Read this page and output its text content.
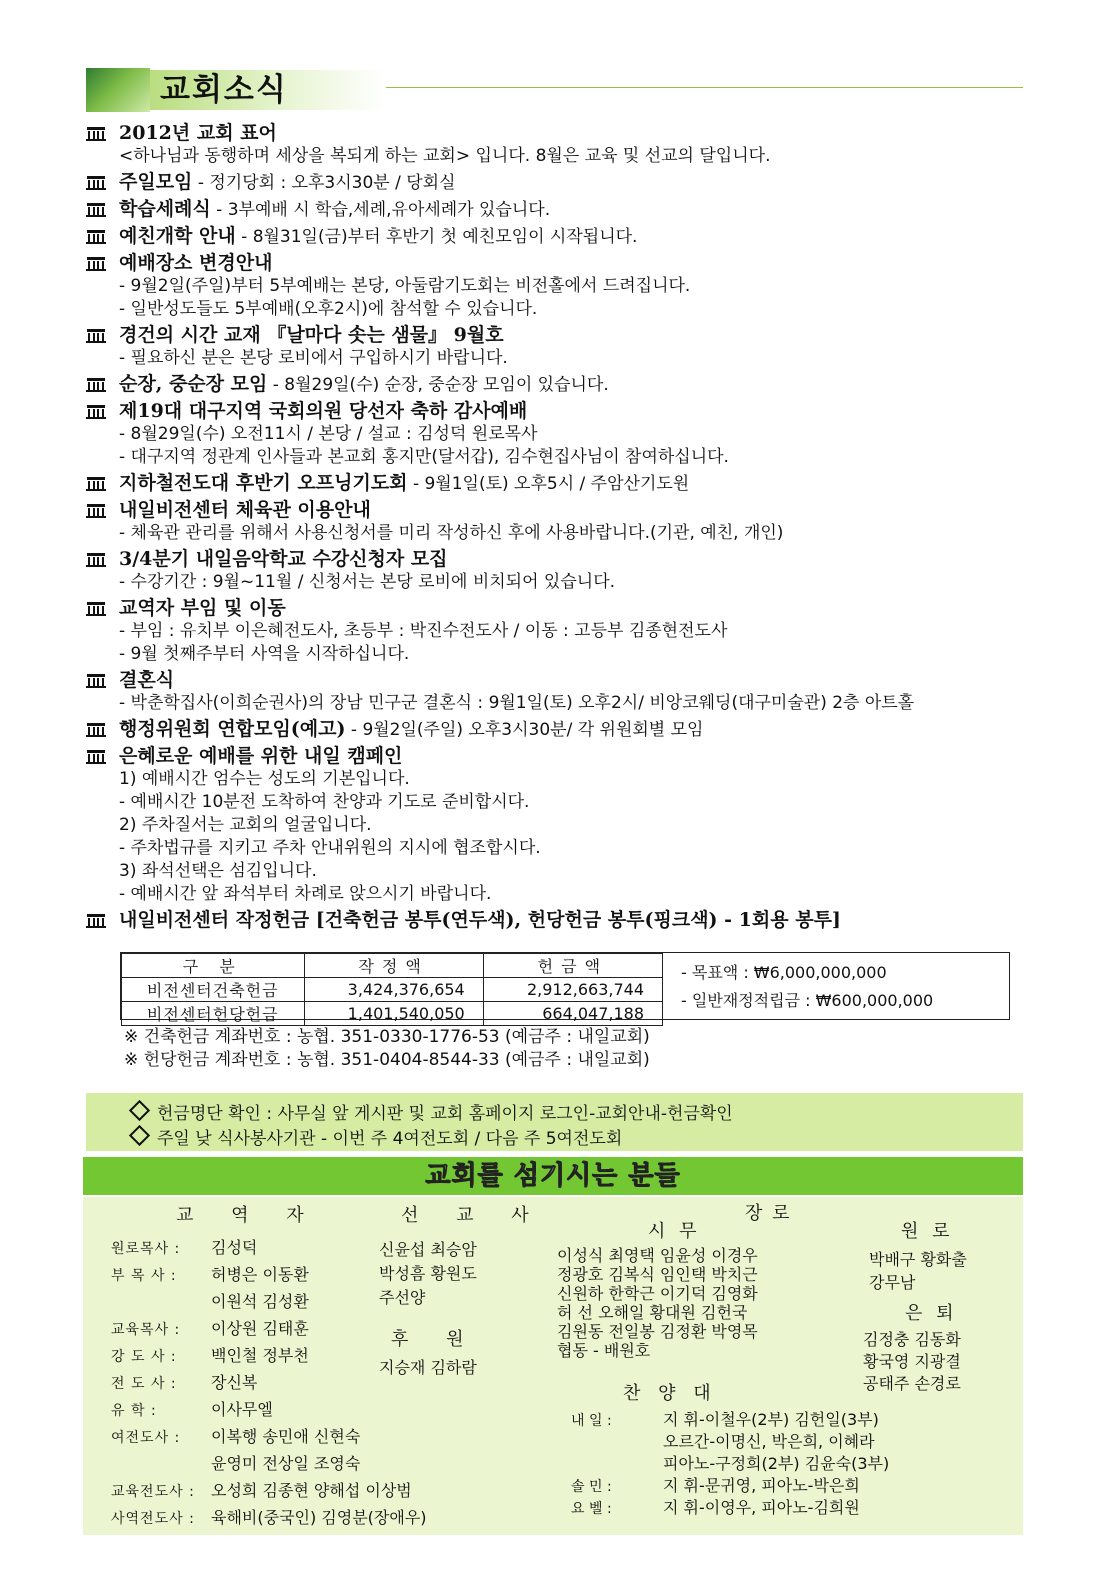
교회소식
2012년 교회 표어
<하나님과 동행하며 세상을 복되게 하는 교회> 입니다. 8월은 교육 및 선교의 달입니다.
주일모임 - 정기당회 : 오후3시30분 / 당회실
학습세례식 - 3부예배 시 학습,세례,유아세례가 있습니다.
예친개학 안내 - 8월31일(금)부터 후반기 첫 예친모임이 시작됩니다.
예배장소 변경안내
- 9월2일(주일)부터 5부예배는 본당, 아둘람기도회는 비전홀에서 드려집니다.
- 일반성도들도 5부예배(오후2시)에 참석할 수 있습니다.
경건의 시간 교재 『날마다 솟는 샘물』 9월호
- 필요하신 분은 본당 로비에서 구입하시기 바랍니다.
순장, 중순장 모임 - 8월29일(수) 순장, 중순장 모임이 있습니다.
제19대 대구지역 국회의원 당선자 축하 감사예배
- 8월29일(수) 오전11시 / 본당 / 설교 : 김성덕 원로목사
- 대구지역 정관계 인사들과 본교회 홍지만(달서갑), 김수현집사님이 참여하십니다.
지하철전도대 후반기 오프닝기도회 - 9월1일(토) 오후5시 / 주암산기도원
내일비전센터 체육관 이용안내
- 체육관 관리를 위해서 사용신청서를 미리 작성하신 후에 사용바랍니다.(기관, 예친, 개인)
3/4분기 내일음악학교 수강신청자 모집
- 수강기간 : 9월~11월 / 신청서는 본당 로비에 비치되어 있습니다.
교역자 부임 및 이동
- 부임 : 유치부 이은혜전도사, 초등부 : 박진수전도사 / 이동 : 고등부 김종현전도사
- 9월 첫째주부터 사역을 시작하십니다.
결혼식
- 박춘학집사(이희순권사)의 장남 민구군 결혼식 : 9월1일(토) 오후2시/ 비앙코웨딩(대구미술관) 2층 아트홀
행정위원회 연합모임(예고) - 9월2일(주일) 오후3시30분/ 각 위원회별 모임
은혜로운 예배를 위한 내일 캠페인
1) 예배시간 엄수는 성도의 기본입니다.
- 예배시간 10분전 도착하여 찬양과 기도로 준비합시다.
2) 주차질서는 교회의 얼굴입니다.
- 주차법규를 지키고 주차 안내위원의 지시에 협조합시다.
3) 좌석선택은 섬김입니다.
- 예배시간 앞 좌석부터 차례로 앉으시기 바랍니다.
내일비전센터 작정헌금 [건축헌금 봉투(연두색), 헌당헌금 봉투(핑크색) - 1회용 봉투]
구 분	작정액	헌금액
비전센터건축헌금	3,424,376,654	2,912,663,744
비전센터헌당헌금	1,401,540,050	664,047,188
- 목표액 : ₩6,000,000,000
- 일반재정적립금 : ₩600,000,000
※ 건축헌금 계좌번호 : 농협. 351-0330-1776-53 (예금주 : 내일교회)
※ 헌당헌금 계좌번호 : 농협. 351-0404-8544-33 (예금주 : 내일교회)
헌금명단 확인 : 사무실 앞 게시판 및 교회 홈페이지 로그인-교회안내-헌금확인
주일 낮 식사봉사기관 - 이번 주 4여전도회 / 다음 주 5여전도회
교회를 섬기시는 분들
교 역 자	선 교 사
후 원
장 로
시 무	원 로
은 퇴
찬 양 대
원로목사 : 김성덕
부 목 사 : 허병은 이동환
이원석 김성환
교육목사 : 이상원 김태훈
강 도 사 : 백인철 정부천
전 도 사 : 장신복
유 학 :	이사무엘
여전도사 : 이복행 송민애 신현숙
윤영미 전상일 조영숙
교육전도사 : 오성희 김종현 양해섭 이상범
사역전도사 : 육해비(중국인) 김영분(장애우)
신윤섭 최승암
박성흠 황원도
주선양
지승재 김하람
이성식 최영택 임윤성 이경우
정광호 김복식 임인택 박치근
신원하 한학근 이기덕 김영화
허 선 오해일 황대원 김헌국
김원동 전일봉 김정환 박영목
협동 - 배원호
박배구 황화출
강무남
김정충 김동화
황국영 지광결
공태주 손경로
내 일 :	지 휘-이철우(2부) 김헌일(3부)
오르간-이명신, 박은희, 이혜라
피아노-구정희(2부) 김윤숙(3부)
솔 민 :	지 휘-문귀영, 피아노-박은희
요 벨 :	지 휘-이영우, 피아노-김희원
